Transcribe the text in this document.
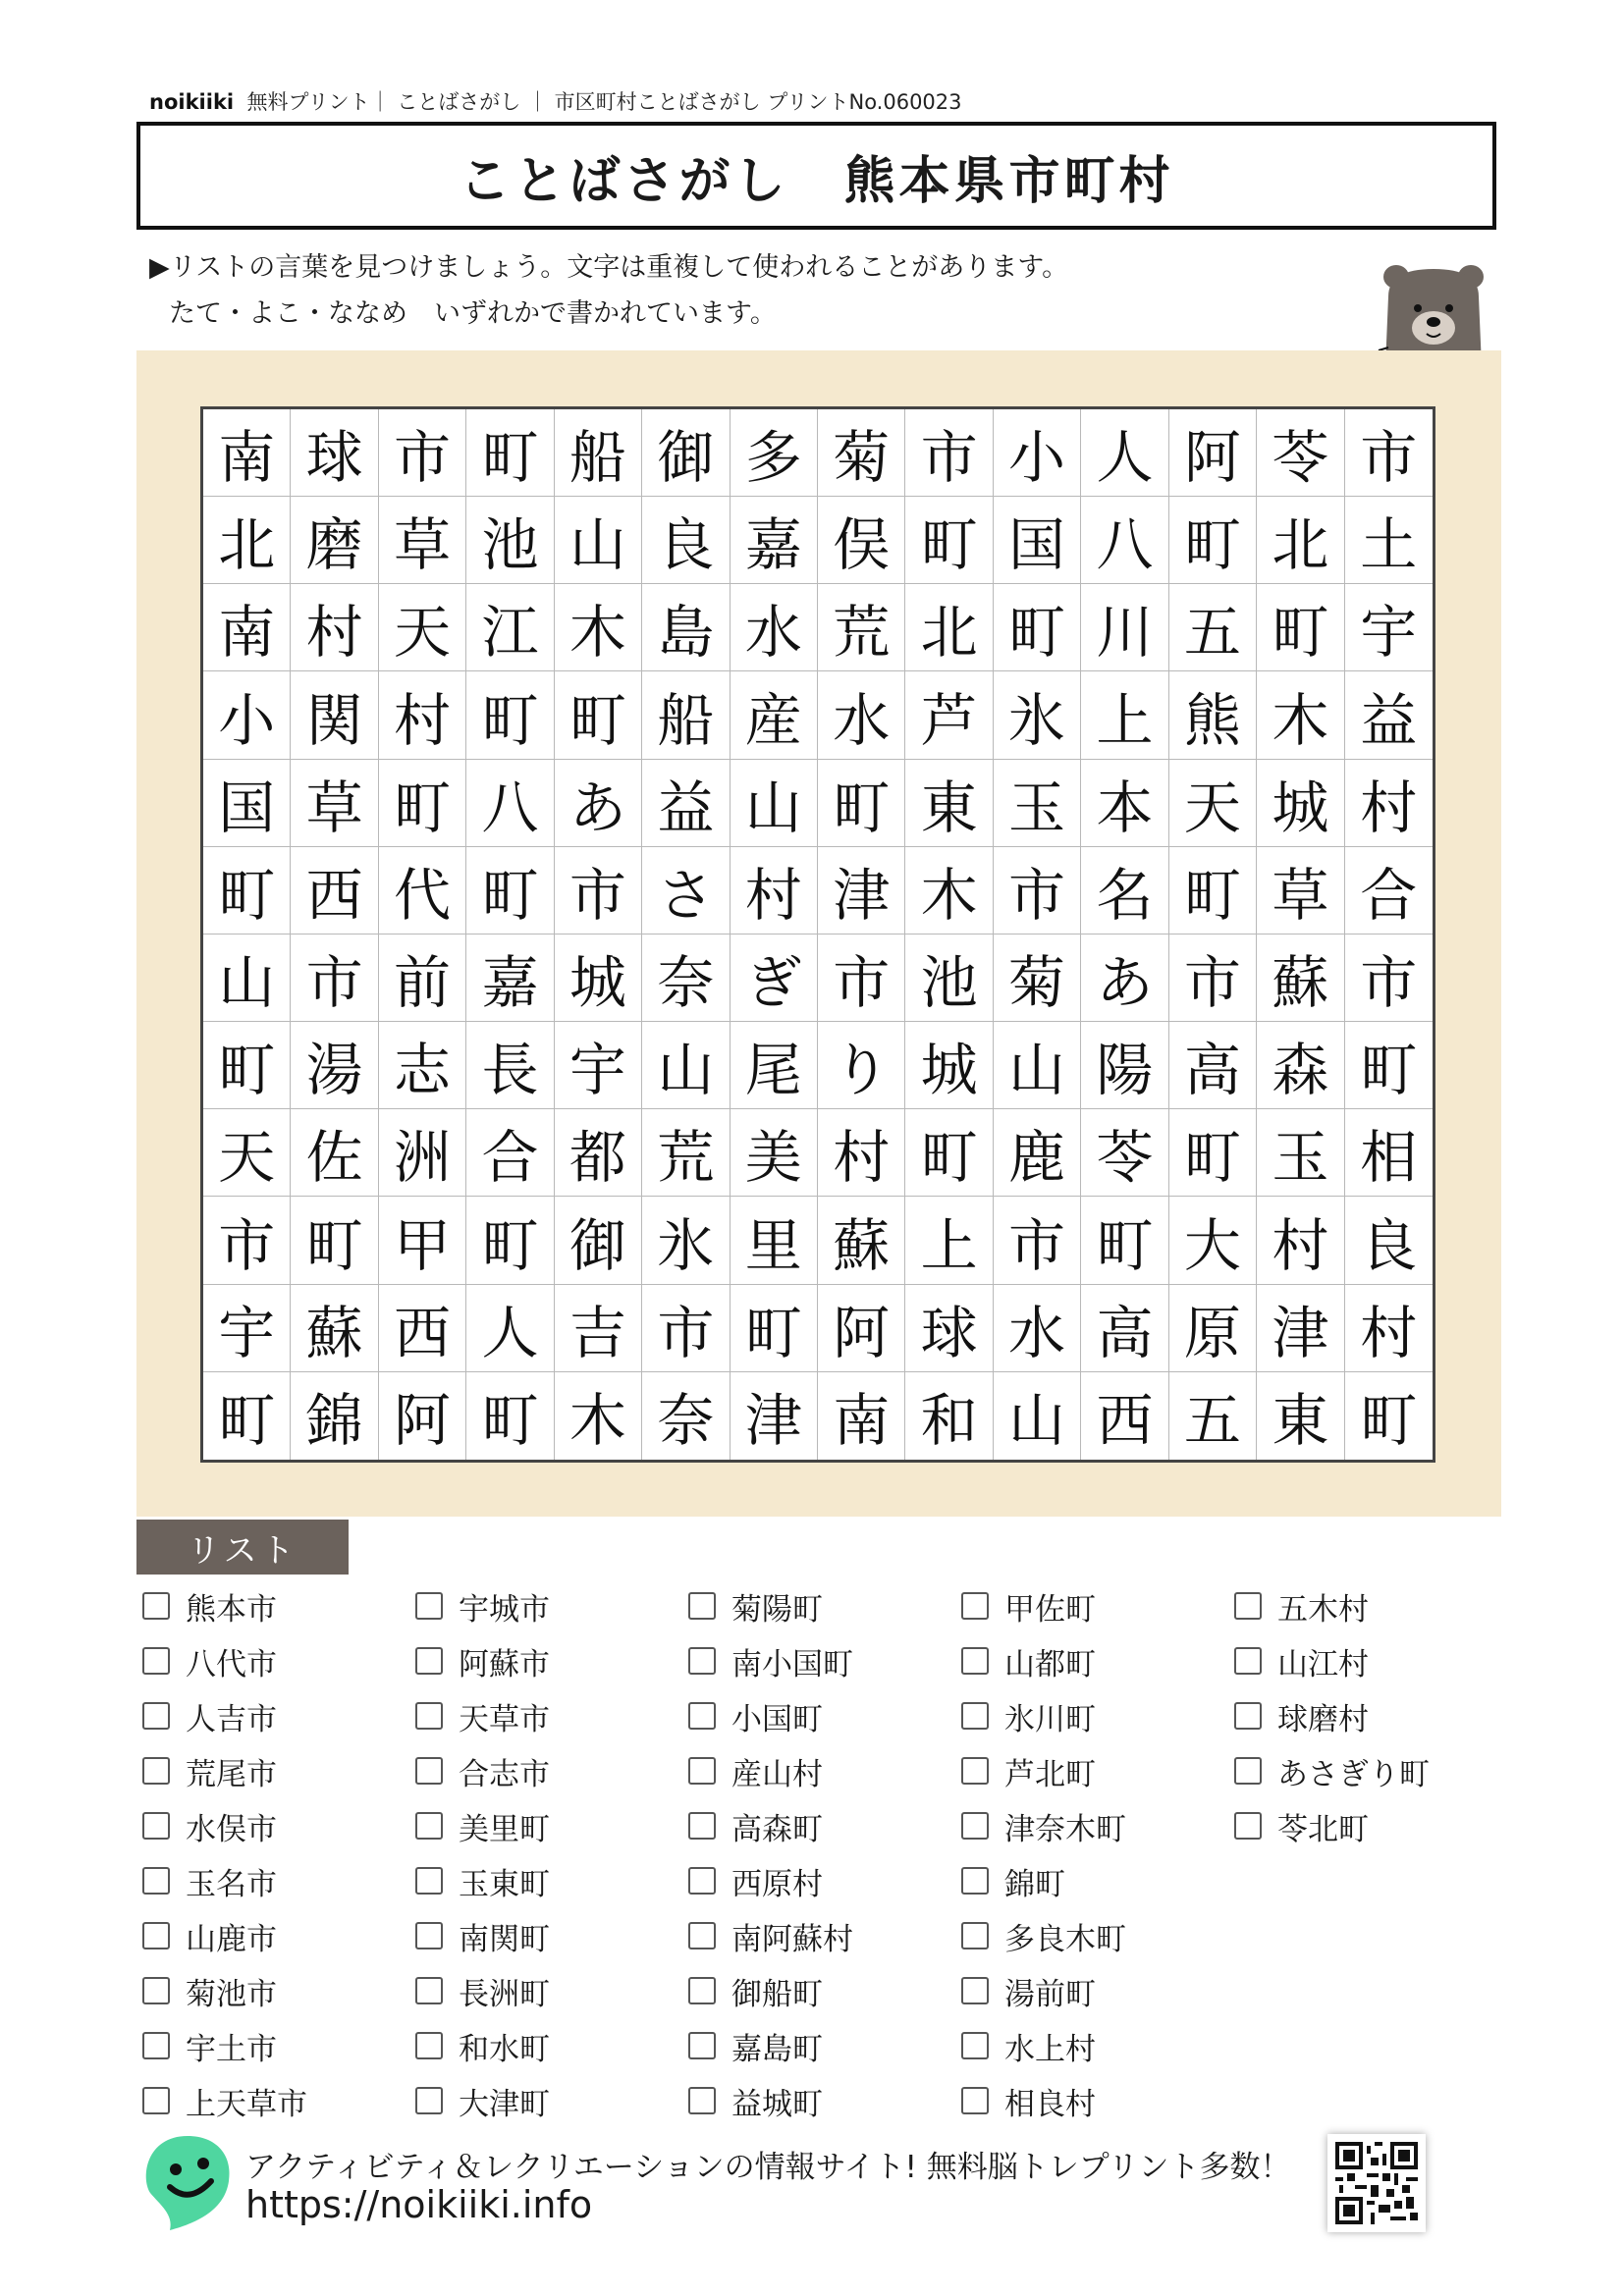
noikiiki 無料プリント｜ ことばさがし ｜ 市区町村ことばさがし プリントNo.060023
ことばさがし　熊本県市町村
▶リストの言葉を見つけましょう。文字は重複して使われることがあります。
たて・よこ・ななめ　いずれかで書かれています。
南 球 市 町 船 御 多 菊 市 小 人 阿 苓 市
北 磨 草 池 山 良 嘉 俣 町 国 八 町 北 土
南 村 天 江 木 島 水 荒 北 町 川 五 町 宇
小 関 村 町 町 船 産 水 芦 氷 上 熊 木 益
国 草 町 八 あ 益 山 町 東 玉 本 天 城 村
町 西 代 町 市 さ 村 津 木 市 名 町 草 合
山 市 前 嘉 城 奈 ぎ 市 池 菊 あ 市 蘇 市
町 湯 志 長 宇 山 尾 り 城 山 陽 高 森 町
天 佐 洲 合 都 荒 美 村 町 鹿 苓 町 玉 相
市 町 甲 町 御 氷 里 蘇 上 市 町 大 村 良
宇 蘇 西 人 吉 市 町 阿 球 水 高 原 津 村
町 錦 阿 町 木 奈 津 南 和 山 西 五 東 町
リスト
熊本市
八代市
人吉市
荒尾市
水俣市
玉名市
山鹿市
菊池市
宇土市
上天草市
宇城市
阿蘇市
天草市
合志市
美里町
玉東町
南関町
長洲町
和水町
大津町
菊陽町
南小国町
小国町
産山村
高森町
西原村
南阿蘇村
御船町
嘉島町
益城町
甲佐町
山都町
氷川町
芦北町
津奈木町
錦町
多良木町
湯前町
水上村
相良村
五木村
山江村
球磨村
あさぎり町
苓北町
アクティビティ＆レクリエーションの情報サイト! 無料脳トレプリント多数！
https://noikiiki.info
